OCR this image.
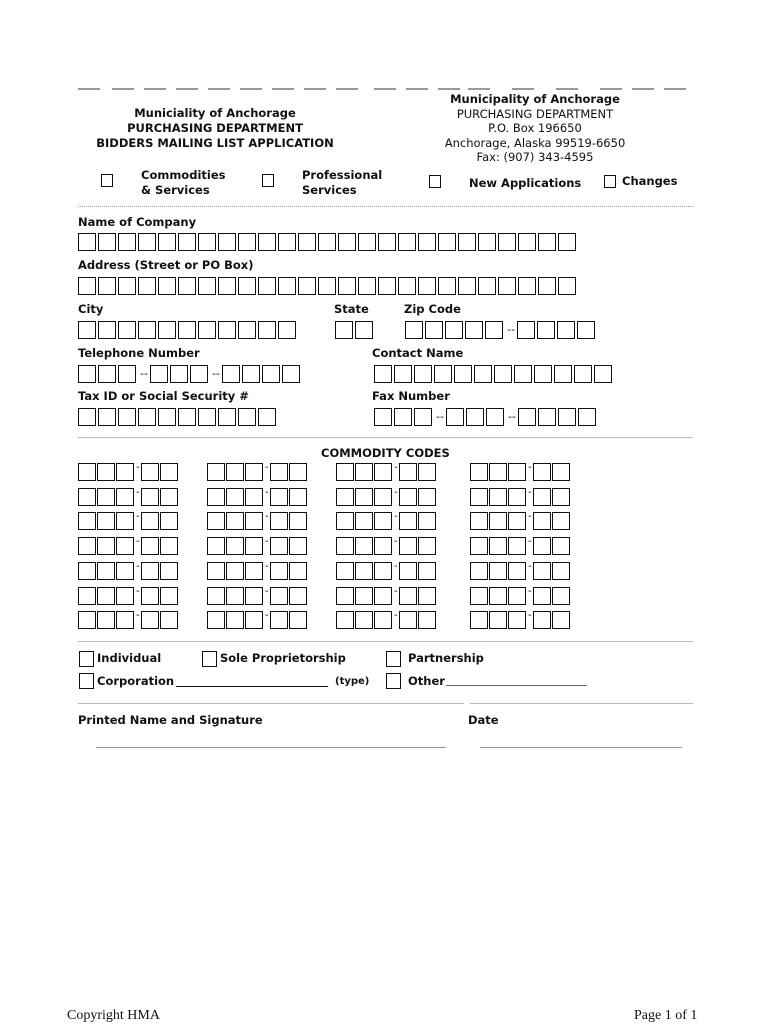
Municiality of Anchorage
PURCHASING DEPARTMENT
BIDDERS MAILING LIST APPLICATION
Municipality of Anchorage
PURCHASING DEPARTMENT
P.O. Box 196650
Anchorage, Alaska 99519-6650
Fax: (907) 343-4595
Commodities
& Services
Professional
Services	New Applications	Changes
Name of Company
Address (Street or PO Box)
City	State	Zip Code
--
Telephone Number	Contact Name
--	--
Tax ID or Social Security #	Fax Number
--	--
COMMODITY CODES
-	-	-	-
-	-	-	-
-	-	-	-
-	-	-	-
-	-	-	-
-	-	-	-
-	-	-	-
Individual	Sole Proprietorship	Partnership
Corporation	(type)	Other
Printed Name and Signature	Date
Copyright HMA	Page 1 of 1
